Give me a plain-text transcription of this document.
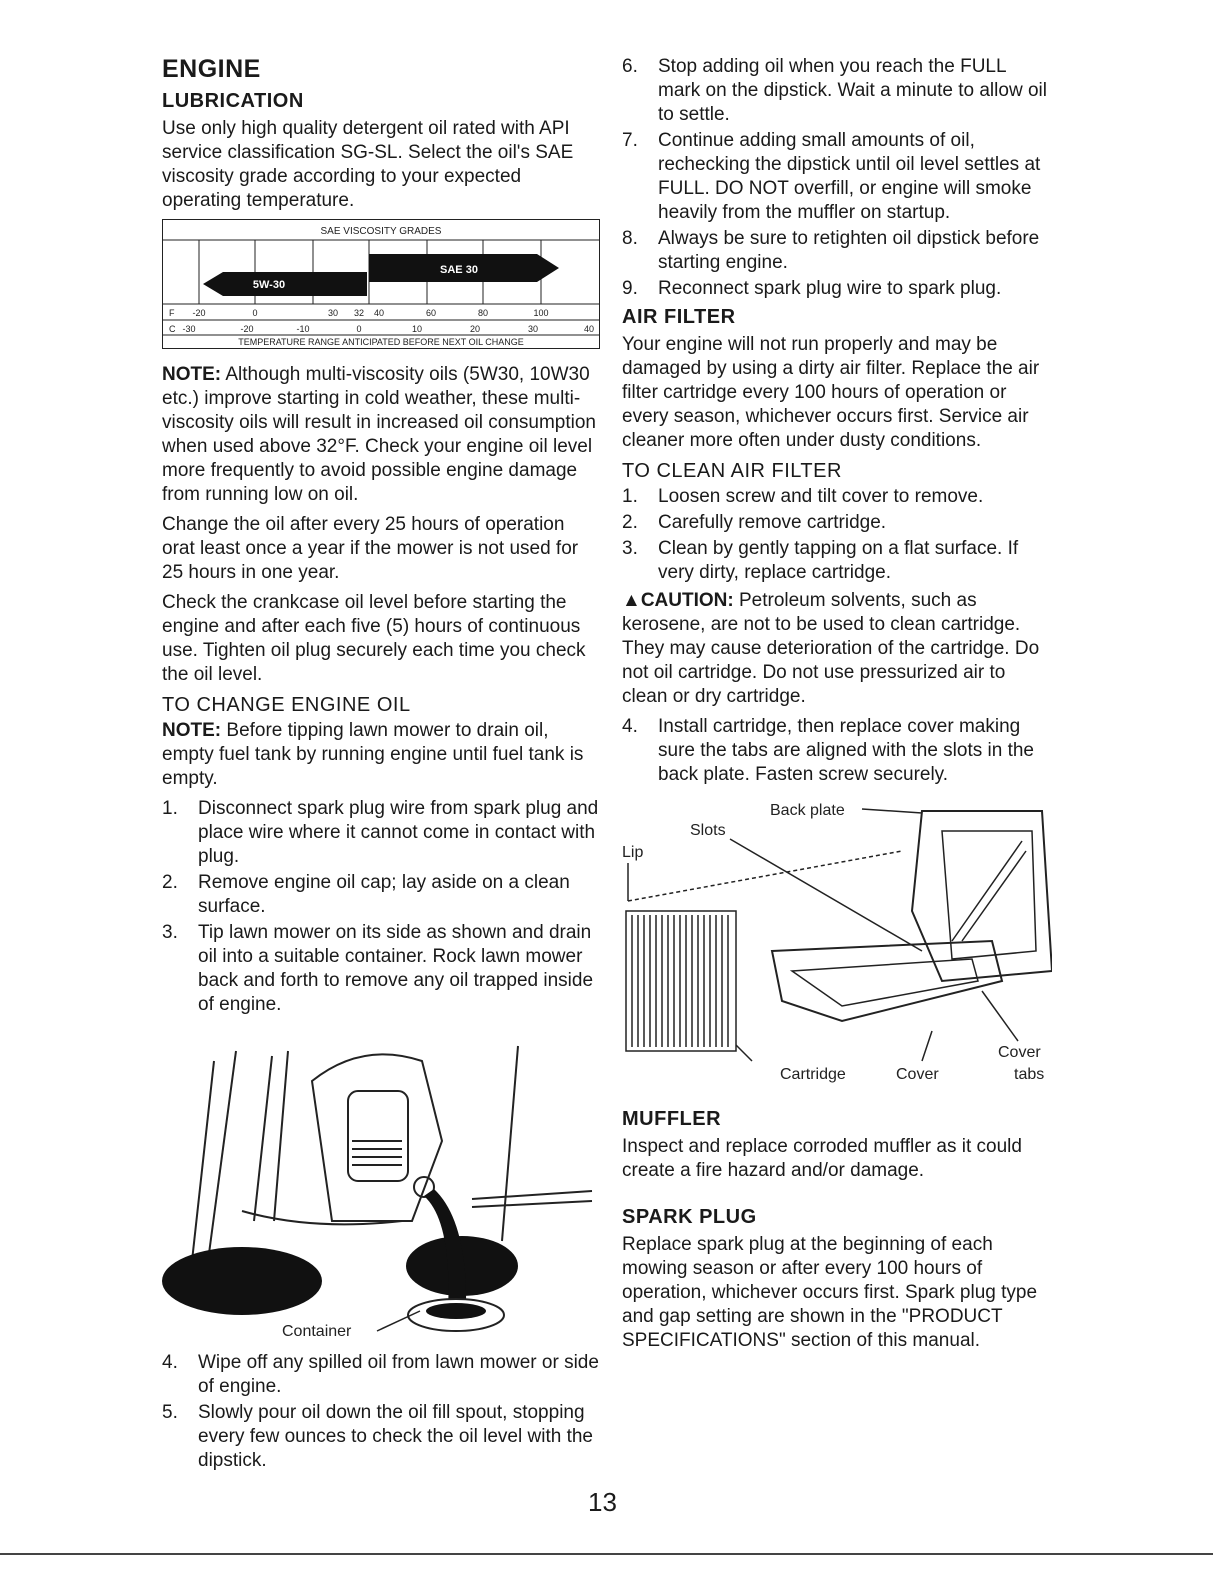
ENGINE
LUBRICATION

Use only high quality detergent oil rated with API service classification SG-SL. Select the oil's SAE viscosity grade according to your expected operating temperature.

SAE VISCOSITY GRADES
SAE 30
5W-30
F -20	0	30 32 40	60	80	100
C -30	-20	-10	0	10	20	30	40
TEMPERATURE RANGE ANTICIPATED BEFORE NEXT OIL CHANGE

NOTE: Although multi-viscosity oils (5W30, 10W30 etc.) improve starting in cold weather, these multi-viscosity oils will result in increased oil consumption when used above 32°F. Check your engine oil level more frequently to avoid possible engine damage from running low on oil.

Change the oil after every 25 hours of operation orat least once a year if the mower is not used for 25 hours in one year.

Check the crankcase oil level before starting the engine and after each five (5) hours of continuous use. Tighten oil plug securely each time you check the oil level.

TO CHANGE ENGINE OIL

NOTE: Before tipping lawn mower to drain oil, empty fuel tank by running engine until fuel tank is empty.

1. Disconnect spark plug wire from spark plug and place wire where it cannot come in contact with plug.
2. Remove engine oil cap; lay aside on a clean surface.
3. Tip lawn mower on its side as shown and drain oil into a suitable container. Rock lawn mower back and forth to remove any oil trapped inside of engine.
Container
4. Wipe off any spilled oil from lawn mower or side of engine.
5. Slowly pour oil down the oil fill spout, stopping every few ounces to check the oil level with the dipstick.
6. Stop adding oil when you reach the FULL mark on the dipstick. Wait a minute to allow oil to settle.
7. Continue adding small amounts of oil, rechecking the dipstick until oil level settles at FULL. DO NOT overfill, or engine will smoke heavily from the muffler on startup.
8. Always be sure to retighten oil dipstick before starting engine.
9. Reconnect spark plug wire to spark plug.
AIR FILTER

Your engine will not run properly and may be damaged by using a dirty air filter. Replace the air filter cartridge every 100 hours of operation or every season, whichever occurs first. Service air cleaner more often under dusty conditions.

TO CLEAN AIR FILTER
1. Loosen screw and tilt cover to remove.
2. Carefully remove cartridge.
3. Clean by gently tapping on a flat surface. If very dirty, replace cartridge.

▲CAUTION: Petroleum solvents, such as kerosene, are not to be used to clean cartridge. They may cause deterioration of the cartridge. Do not oil cartridge. Do not use pressurized air to clean or dry cartridge.

4. Install cartridge, then replace cover making sure the tabs are aligned with the slots in the back plate. Fasten screw securely.
Back plate
Slots
Lip
Cartridge	Cover
Cover
tabs
MUFFLER

Inspect and replace corroded muffler as it could create a fire hazard and/or damage.

SPARK PLUG

Replace spark plug at the beginning of each mowing season or after every 100 hours of operation, whichever occurs first. Spark plug type and gap setting are shown in the "PRODUCT SPECIFICATIONS" section of this manual.

13
